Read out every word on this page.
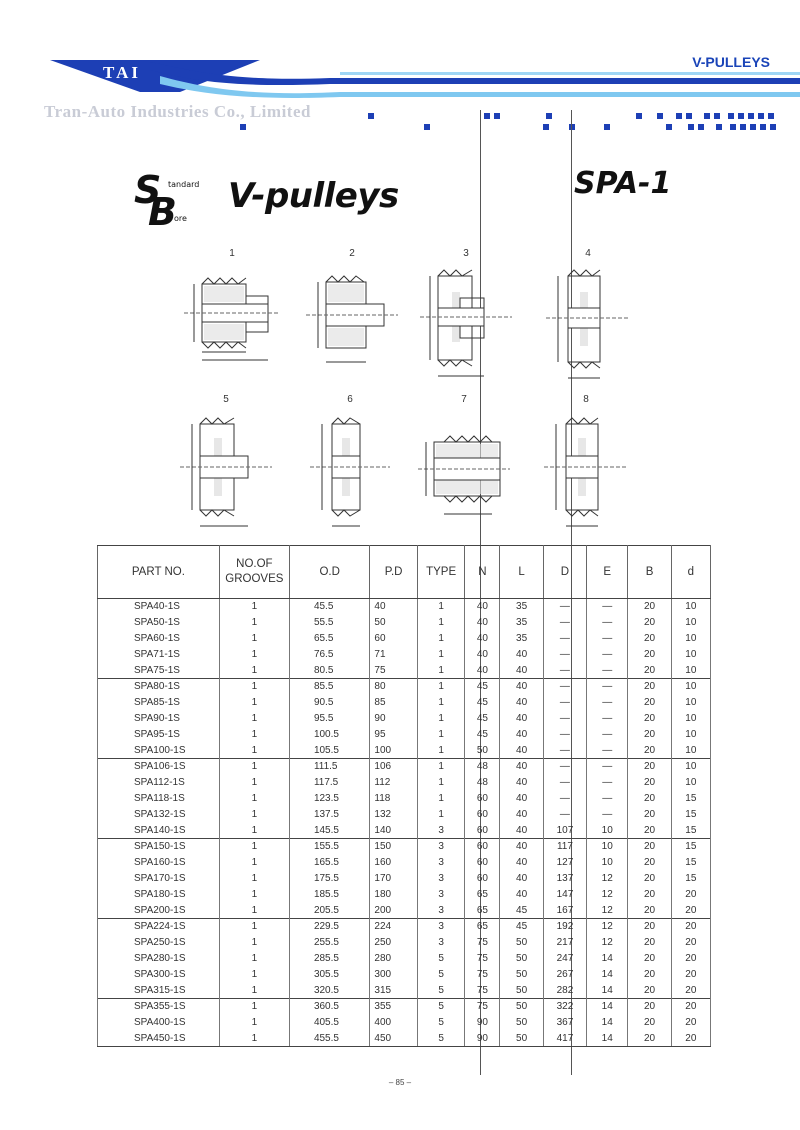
TAI
V-PULLEYS
Tran-Auto Industries Co., Limited
S
B
tandard
ore
V-pulleys	SPA-1
1	2	3	4
5	6	7	8
PART NO.	NO.OF
GROOVES	O.D	P.D	TYPE	N	L	D	E	B	d
SPA40-1S	1	45.5	40	1	40	35	—	—	20	10
SPA50-1S	1	55.5	50	1	40	35	—	—	20	10
SPA60-1S	1	65.5	60	1	40	35	—	—	20	10
SPA71-1S	1	76.5	71	1	40	40	—	—	20	10
SPA75-1S	1	80.5	75	1	40	40	—	—	20	10
SPA80-1S	1	85.5	80	1	45	40	—	—	20	10
SPA85-1S	1	90.5	85	1	45	40	—	—	20	10
SPA90-1S	1	95.5	90	1	45	40	—	—	20	10
SPA95-1S	1	100.5	95	1	45	40	—	—	20	10
SPA100-1S	1	105.5	100	1	50	40	—	—	20	10
SPA106-1S	1	111.5	106	1	48	40	—	—	20	10
SPA112-1S	1	117.5	112	1	48	40	—	—	20	10
SPA118-1S	1	123.5	118	1	60	40	—	—	20	15
SPA132-1S	1	137.5	132	1	60	40	—	—	20	15
SPA140-1S	1	145.5	140	3	60	40	107	10	20	15
SPA150-1S	1	155.5	150	3	60	40	117	10	20	15
SPA160-1S	1	165.5	160	3	60	40	127	10	20	15
SPA170-1S	1	175.5	170	3	60	40	137	12	20	15
SPA180-1S	1	185.5	180	3	65	40	147	12	20	20
SPA200-1S	1	205.5	200	3	65	45	167	12	20	20
SPA224-1S	1	229.5	224	3	65	45	192	12	20	20
SPA250-1S	1	255.5	250	3	75	50	217	12	20	20
SPA280-1S	1	285.5	280	5	75	50	247	14	20	20
SPA300-1S	1	305.5	300	5	75	50	267	14	20	20
SPA315-1S	1	320.5	315	5	75	50	282	14	20	20
SPA355-1S	1	360.5	355	5	75	50	322	14	20	20
SPA400-1S	1	405.5	400	5	90	50	367	14	20	20
SPA450-1S	1	455.5	450	5	90	50	417	14	20	20
– 85 –
